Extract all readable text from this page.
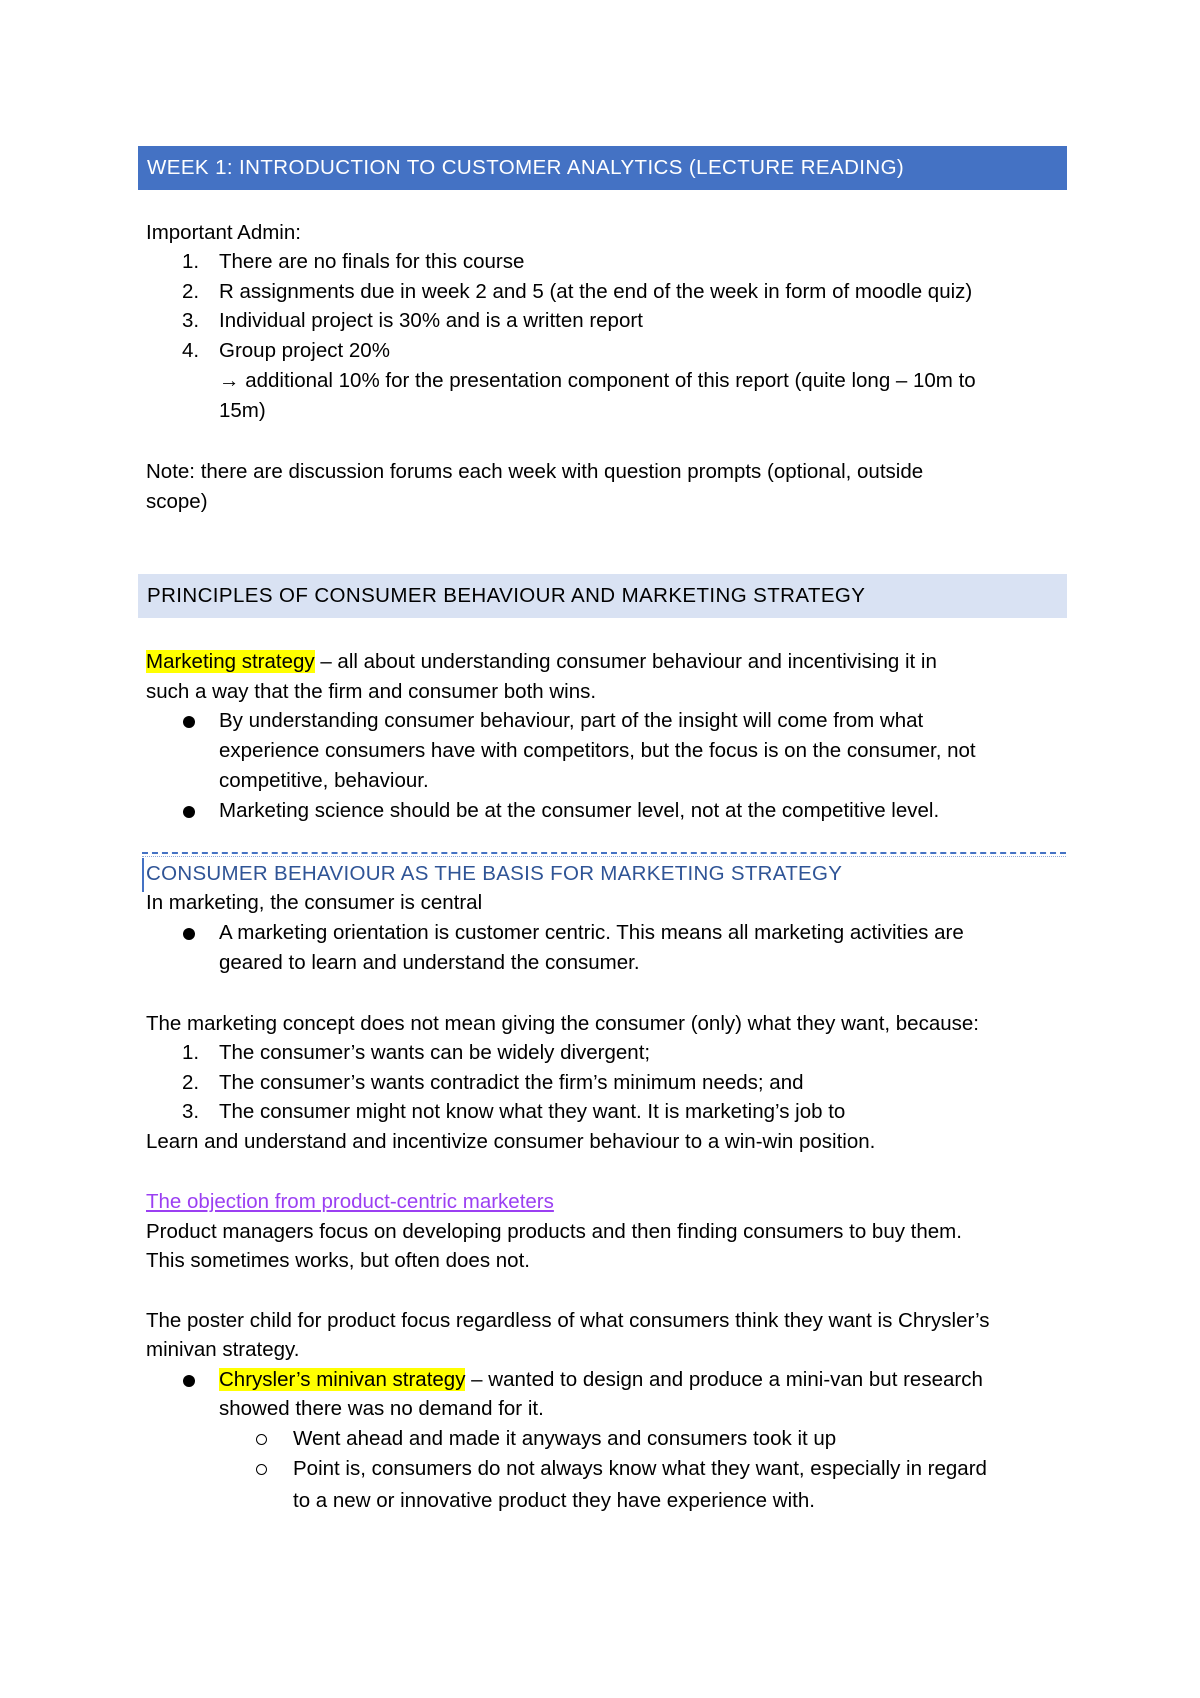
WEEK 1: INTRODUCTION TO CUSTOMER ANALYTICS (LECTURE READING)
Important Admin:
1. There are no finals for this course
2. R assignments due in week 2 and 5 (at the end of the week in form of moodle quiz)
3. Individual project is 30% and is a written report
4. Group project 20%
→ additional 10% for the presentation component of this report (quite long – 10m to
15m)
Note: there are discussion forums each week with question prompts (optional, outside
scope)
PRINCIPLES OF CONSUMER BEHAVIOUR AND MARKETING STRATEGY
Marketing strategy – all about understanding consumer behaviour and incentivising it in
such a way that the firm and consumer both wins.
By understanding consumer behaviour, part of the insight will come from what
experience consumers have with competitors, but the focus is on the consumer, not
competitive, behaviour.
Marketing science should be at the consumer level, not at the competitive level.
CONSUMER BEHAVIOUR AS THE BASIS FOR MARKETING STRATEGY
In marketing, the consumer is central
A marketing orientation is customer centric. This means all marketing activities are
geared to learn and understand the consumer.
The marketing concept does not mean giving the consumer (only) what they want, because:
1. The consumer’s wants can be widely divergent;
2. The consumer’s wants contradict the firm’s minimum needs; and
3. The consumer might not know what they want. It is marketing’s job to
Learn and understand and incentivize consumer behaviour to a win-win position.
The objection from product-centric marketers
Product managers focus on developing products and then finding consumers to buy them.
This sometimes works, but often does not.
The poster child for product focus regardless of what consumers think they want is Chrysler’s
minivan strategy.
Chrysler’s minivan strategy – wanted to design and produce a mini-van but research
showed there was no demand for it.
Went ahead and made it anyways and consumers took it up
Point is, consumers do not always know what they want, especially in regard
to a new or innovative product they have experience with.
